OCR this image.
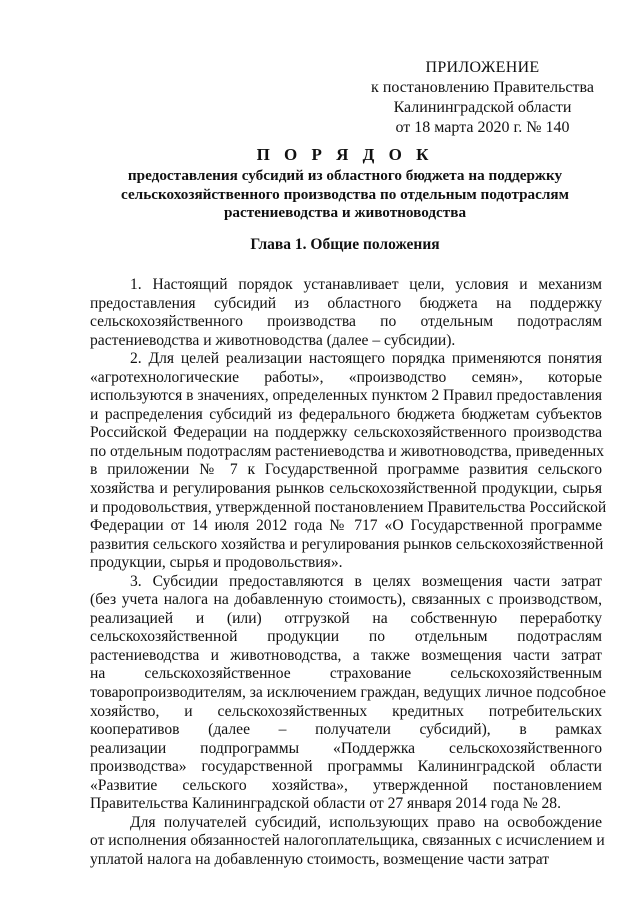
ПРИЛОЖЕНИЕ
к постановлению Правительства
Калининградской области
от 18 марта 2020 г. № 140
П О Р Я Д О К
предоставления субсидий из областного бюджета на поддержку
сельскохозяйственного производства по отдельным подотраслям
растениеводства и животноводства
Глава 1. Общие положения
1. Настоящий порядок устанавливает цели, условия и механизм
предоставления субсидий из областного бюджета на поддержку
сельскохозяйственного производства по отдельным подотраслям
растениеводства и животноводства (далее – субсидии).
2. Для целей реализации настоящего порядка применяются понятия
«агротехнологические работы», «производство семян», которые
используются в значениях, определенных пунктом 2 Правил предоставления
и распределения субсидий из федерального бюджета бюджетам субъектов
Российской Федерации на поддержку сельскохозяйственного производства
по отдельным подотраслям растениеводства и животноводства, приведенных
в приложении № 7 к Государственной программе развития сельского
хозяйства и регулирования рынков сельскохозяйственной продукции, сырья
и продовольствия, утвержденной постановлением Правительства Российской
Федерации от 14 июля 2012 года № 717 «О Государственной программе
развития сельского хозяйства и регулирования рынков сельскохозяйственной
продукции, сырья и продовольствия».
3. Субсидии предоставляются в целях возмещения части затрат
(без учета налога на добавленную стоимость), связанных с производством,
реализацией и (или) отгрузкой на собственную переработку
сельскохозяйственной продукции по отдельным подотраслям
растениеводства и животноводства, а также возмещения части затрат
на сельскохозяйственное страхование сельскохозяйственным
товаропроизводителям, за исключением граждан, ведущих личное подсобное
хозяйство, и сельскохозяйственных кредитных потребительских
кооперативов (далее – получатели субсидий), в рамках
реализации подпрограммы «Поддержка сельскохозяйственного
производства» государственной программы Калининградской области
«Развитие сельского хозяйства», утвержденной постановлением
Правительства Калининградской области от 27 января 2014 года № 28.
Для получателей субсидий, использующих право на освобождение
от исполнения обязанностей налогоплательщика, связанных с исчислением и
уплатой налога на добавленную стоимость, возмещение части затрат
